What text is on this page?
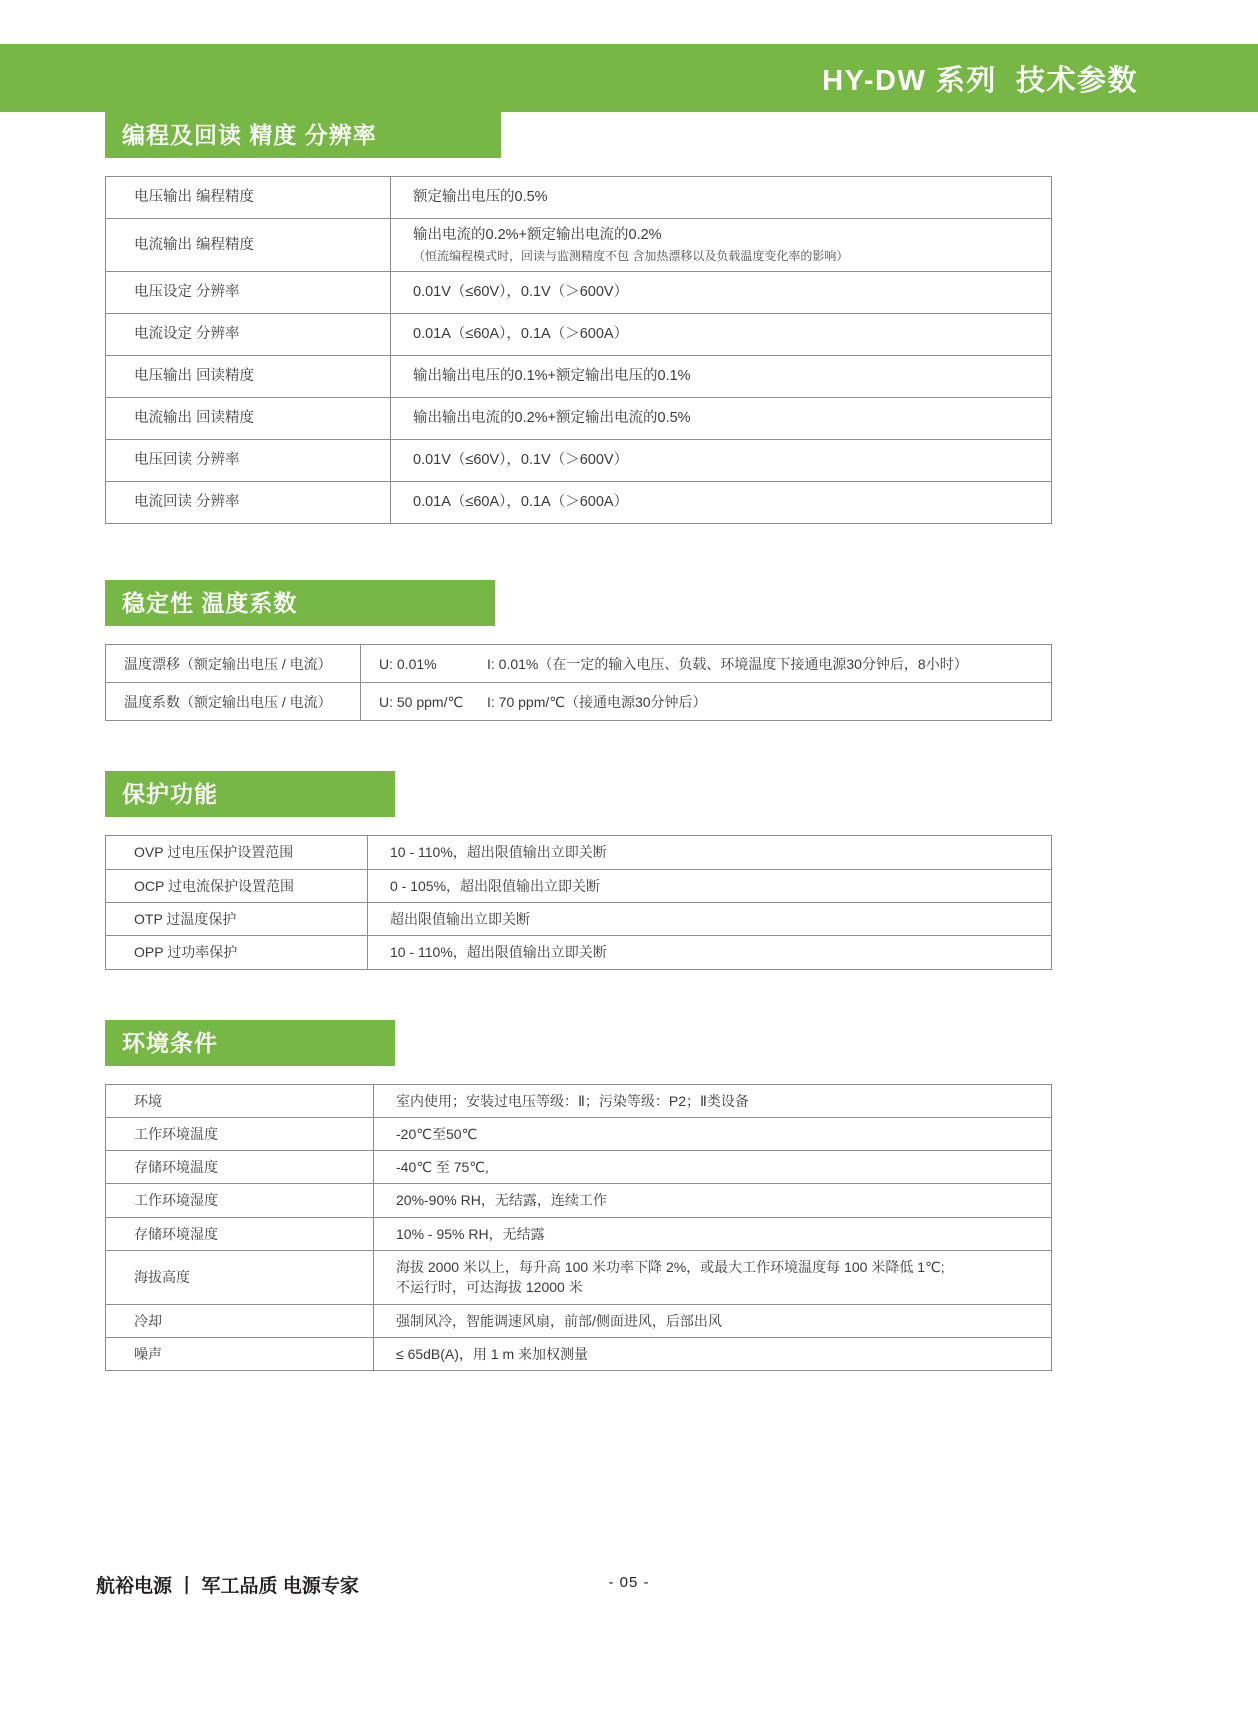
HY-DW 系列  技术参数
编程及回读 精度 分辨率
电压输出 编程精度	额定输出电压的0.5%
电流输出 编程精度	输出电流的0.2%+额定输出电流的0.2%
（恒流编程模式时，回读与监测精度不包 含加热漂移以及负载温度变化率的影响）

电压设定 分辨率	0.01V（≤60V），0.1V（＞600V）
电流设定 分辨率	0.01A（≤60A），0.1A（＞600A）
电压输出 回读精度	输出输出电压的0.1%+额定输出电压的0.1%
电流输出 回读精度	输出输出电流的0.2%+额定输出电流的0.5%
电压回读 分辨率	0.01V（≤60V），0.1V（＞600V）
电流回读 分辨率	0.01A（≤60A），0.1A（＞600A）
稳定性 温度系数
温度漂移（额定输出电压 / 电流）	U: 0.01% I: 0.01%（在一定的输入电压、负载、环境温度下接通电源30分钟后，8小时）
温度系数（额定输出电压 / 电流）	U: 50 ppm/℃ I: 70 ppm/℃（接通电源30分钟后）
保护功能
OVP 过电压保护设置范围	10 - 110%，超出限值输出立即关断
OCP 过电流保护设置范围	0 - 105%，超出限值输出立即关断
OTP 过温度保护	超出限值输出立即关断
OPP 过功率保护	10 - 110%，超出限值输出立即关断
环境条件
环境	室内使用；安装过电压等级：Ⅱ；污染等级：P2；Ⅱ类设备
工作环境温度	-20℃至50℃
存储环境温度	-40℃ 至 75℃,
工作环境湿度	20%-90% RH，无结露，连续工作
存储环境湿度	10% - 95% RH，无结露
海拔高度	海拔 2000 米以上，每升高 100 米功率下降 2%，或最大工作环境温度每 100 米降低 1℃;
不运行时，可达海拔 12000 米

冷却	强制风冷，智能调速风扇，前部/侧面进风，后部出风
噪声	≤ 65dB(A)，用 1 m 来加权测量
航裕电源 丨 军工品质 电源专家	- 05 -
